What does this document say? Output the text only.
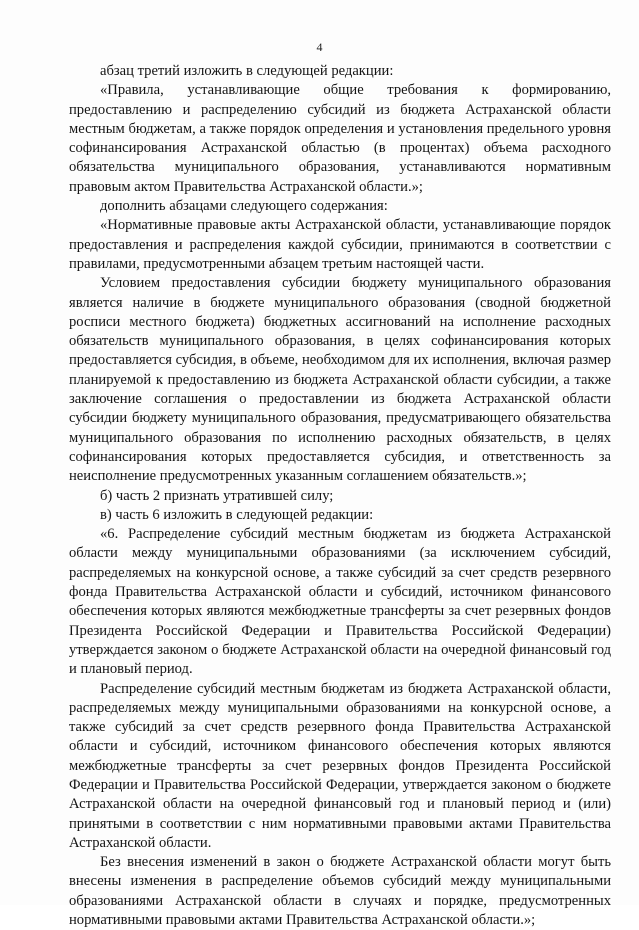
4

абзац третий изложить в следующей редакции:

«Правила, устанавливающие общие требования к формированию, предоставлению и распределению субсидий из бюджета Астраханской области местным бюджетам, а также порядок определения и установления предельного уровня софинансирования Астраханской областью (в процентах) объема расходного обязательства муниципального образования, устанавливаются нормативным правовым актом Правительства Астраханской области.»;

дополнить абзацами следующего содержания:

«Нормативные правовые акты Астраханской области, устанавливающие порядок предоставления и распределения каждой субсидии, принимаются в соответствии с правилами, предусмотренными абзацем третьим настоящей части.

Условием предоставления субсидии бюджету муниципального образования является наличие в бюджете муниципального образования (сводной бюджетной росписи местного бюджета) бюджетных ассигнований на исполнение расходных обязательств муниципального образования, в целях софинансирования которых предоставляется субсидия, в объеме, необходимом для их исполнения, включая размер планируемой к предоставлению из бюджета Астраханской области субсидии, а также заключение соглашения о предоставлении из бюджета Астраханской области субсидии бюджету муниципального образования, предусматривающего обязательства муниципального образования по исполнению расходных обязательств, в целях софинансирования которых предоставляется субсидия, и ответственность за неисполнение предусмотренных указанным соглашением обязательств.»;

б) часть 2 признать утратившей силу;

в) часть 6 изложить в следующей редакции:

«6. Распределение субсидий местным бюджетам из бюджета Астраханской области между муниципальными образованиями (за исключением субсидий, распределяемых на конкурсной основе, а также субсидий за счет средств резервного фонда Правительства Астраханской области и субсидий, источником финансового обеспечения которых являются межбюджетные трансферты за счет резервных фондов Президента Российской Федерации и Правительства Российской Федерации) утверждается законом о бюджете Астраханской области на очередной финансовый год и плановый период.

Распределение субсидий местным бюджетам из бюджета Астраханской области, распределяемых между муниципальными образованиями на конкурсной основе, а также субсидий за счет средств резервного фонда Правительства Астраханской области и субсидий, источником финансового обеспечения которых являются межбюджетные трансферты за счет резервных фондов Президента Российской Федерации и Правительства Российской Федерации, утверждается законом о бюджете Астраханской области на очередной финансовый год и плановый период и (или) принятыми в соответствии с ним нормативными правовыми актами Правительства Астраханской области.

Без внесения изменений в закон о бюджете Астраханской области могут быть внесены изменения в распределение объемов субсидий между муниципальными образованиями Астраханской области в случаях и порядке, предусмотренных нормативными правовыми актами Правительства Астраханской области.»;
